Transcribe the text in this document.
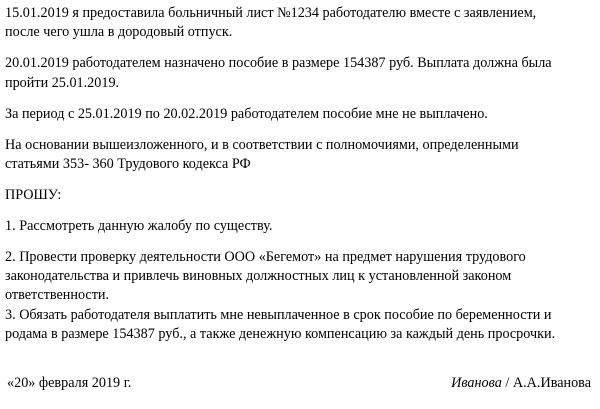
15.01.2019 я предоставила больничный лист №1234 работодателю вместе с заявлением,
после чего ушла в дородовый отпуск.

20.01.2019 работодателем назначено пособие в размере 154387 руб. Выплата должна была
пройти 25.01.2019.

За период с 25.01.2019 по 20.02.2019 работодателем пособие мне не выплачено.

На основании вышеизложенного, и в соответствии с полномочиями, определенными
статьями 353- 360 Трудового кодекса РФ

ПРОШУ:

1. Рассмотреть данную жалобу по существу.

2. Провести проверку деятельности ООО «Бегемот» на предмет нарушения трудового
законодательства и привлечь виновных должностных лиц к установленной законом
ответственности.

3. Обязать работодателя выплатить мне невыплаченное в срок пособие по беременности и
родама в размере 154387 руб., а также денежную компенсацию за каждый день просрочки.

«20» февраля 2019 г.	Иванова / А.А.Иванова
